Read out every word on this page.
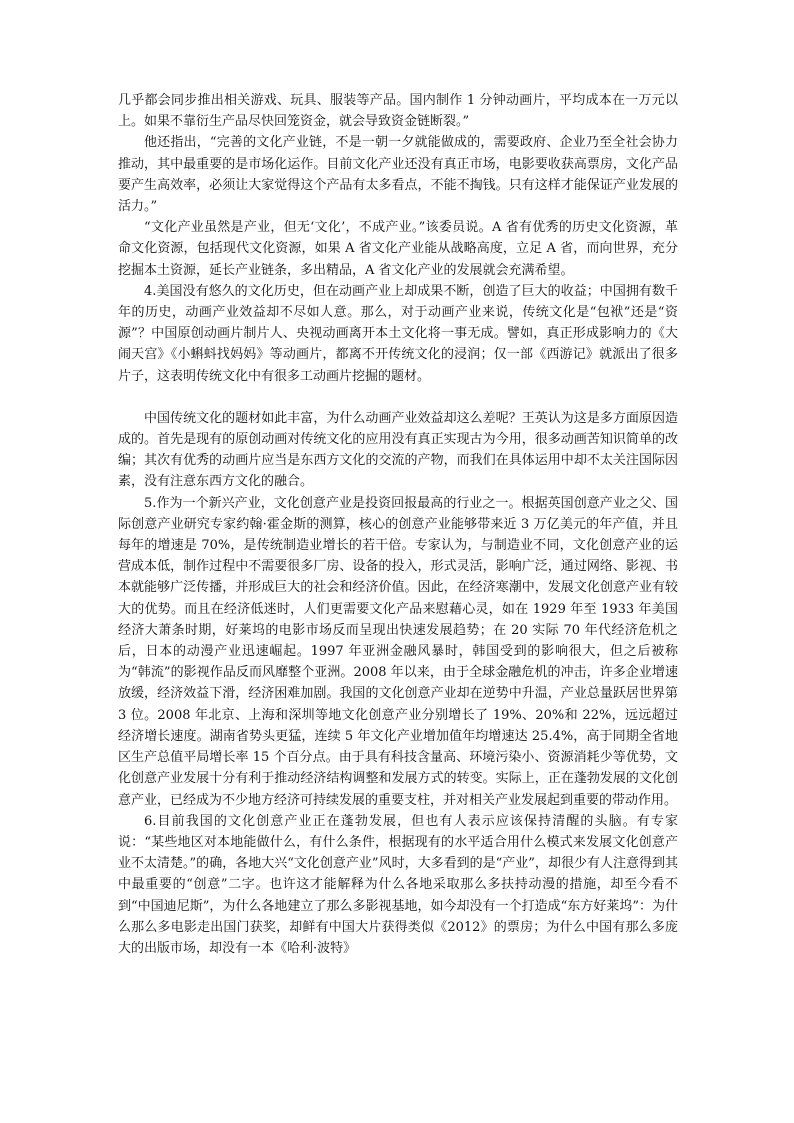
几乎都会同步推出相关游戏、玩具、服装等产品。国内制作 1 分钟动画片，平均成本在一万元以上。如果不靠衍生产品尽快回笼资金，就会导致资金链断裂。”

他还指出，“完善的文化产业链，不是一朝一夕就能做成的，需要政府、企业乃至全社会协力推动，其中最重要的是市场化运作。目前文化产业还没有真正市场，电影要收获高票房，文化产品要产生高效率，必须让大家觉得这个产品有太多看点，不能不掏钱。只有这样才能保证产业发展的活力。”

“文化产业虽然是产业，但无‘文化’，不成产业。”该委员说。A 省有优秀的历史文化资源，革命文化资源，包括现代文化资源，如果 A 省文化产业能从战略高度，立足 A 省，而向世界，充分挖掘本土资源，延长产业链条，多出精品，A 省文化产业的发展就会充满希望。

4.美国没有悠久的文化历史，但在动画产业上却成果不断，创造了巨大的收益；中国拥有数千年的历史，动画产业效益却不尽如人意。那么，对于动画产业来说，传统文化是“包袱”还是“资源”？中国原创动画片制片人、央视动画离开本土文化将一事无成。譬如，真正形成影响力的《大闹天宫》《小蝌蚪找妈妈》等动画片，都离不开传统文化的浸润；仅一部《西游记》就派出了很多片子，这表明传统文化中有很多工动画片挖掘的题材。

中国传统文化的题材如此丰富，为什么动画产业效益却这么差呢？王英认为这是多方面原因造成的。首先是现有的原创动画对传统文化的应用没有真正实现古为今用，很多动画苦知识简单的改编；其次有优秀的动画片应当是东西方文化的交流的产物，而我们在具体运用中却不太关注国际因素，没有注意东西方文化的融合。

5.作为一个新兴产业，文化创意产业是投资回报最高的行业之一。根据英国创意产业之父、国际创意产业研究专家约翰·霍金斯的测算，核心的创意产业能够带来近 3 万亿美元的年产值，并且每年的增速是 70%，是传统制造业增长的若干倍。专家认为，与制造业不同，文化创意产业的运营成本低，制作过程中不需要很多厂房、设备的投入，形式灵活，影响广泛，通过网络、影视、书本就能够广泛传播，并形成巨大的社会和经济价值。因此，在经济寒潮中，发展文化创意产业有较大的优势。而且在经济低迷时，人们更需要文化产品来慰藉心灵，如在 1929 年至 1933 年美国经济大萧条时期，好莱坞的电影市场反而呈现出快速发展趋势；在 20 实际 70 年代经济危机之后，日本的动漫产业迅速崛起。1997 年亚洲金融风暴时，韩国受到的影响很大，但之后被称为“韩流”的影视作品反而风靡整个亚洲。2008 年以来，由于全球金融危机的冲击，许多企业增速放缓，经济效益下滑，经济困难加剧。我国的文化创意产业却在逆势中升温，产业总量跃居世界第 3 位。2008 年北京、上海和深圳等地文化创意产业分别增长了 19%、20%和 22%，远远超过经济增长速度。湖南省势头更猛，连续 5 年文化产业增加值年均增速达 25.4%，高于同期全省地区生产总值平局增长率 15 个百分点。由于具有科技含量高、环境污染小、资源消耗少等优势，文化创意产业发展十分有利于推动经济结构调整和发展方式的转变。实际上，正在蓬勃发展的文化创意产业，已经成为不少地方经济可持续发展的重要支柱，并对相关产业发展起到重要的带动作用。

6.目前我国的文化创意产业正在蓬勃发展，但也有人表示应该保持清醒的头脑。有专家说：“某些地区对本地能做什么，有什么条件，根据现有的水平适合用什么模式来发展文化创意产业不太清楚。”的确，各地大兴“文化创意产业”风时，大多看到的是“产业”，却很少有人注意得到其中最重要的“创意”二字。也许这才能解释为什么各地采取那么多扶持动漫的措施，却至今看不到“中国迪尼斯”，为什么各地建立了那么多影视基地，如今却没有一个打造成“东方好莱坞”：为什么那么多电影走出国门获奖，却鲜有中国大片获得类似《2012》的票房；为什么中国有那么多庞大的出版市场，却没有一本《哈利·波特》
